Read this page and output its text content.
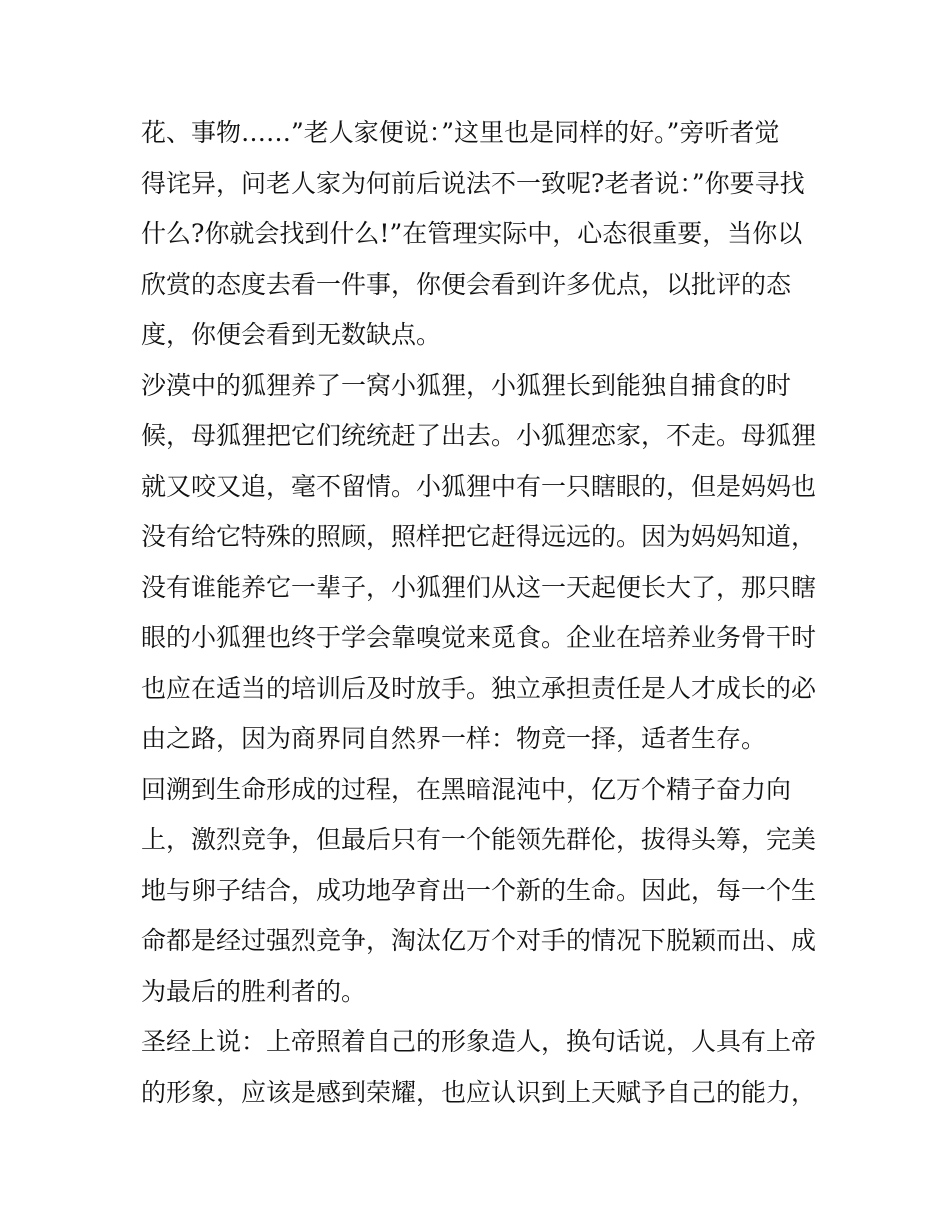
花、事物……”老人家便说：”这里也是同样的好。”旁听者觉
得诧异，问老人家为何前后说法不一致呢?老者说：”你要寻找
什么?你就会找到什么!”在管理实际中，心态很重要，当你以
欣赏的态度去看一件事，你便会看到许多优点，以批评的态
度，你便会看到无数缺点。
沙漠中的狐狸养了一窝小狐狸，小狐狸长到能独自捕食的时
候，母狐狸把它们统统赶了出去。小狐狸恋家，不走。母狐狸
就又咬又追，毫不留情。小狐狸中有一只瞎眼的，但是妈妈也
没有给它特殊的照顾，照样把它赶得远远的。因为妈妈知道，
没有谁能养它一辈子，小狐狸们从这一天起便长大了，那只瞎
眼的小狐狸也终于学会靠嗅觉来觅食。企业在培养业务骨干时
也应在适当的培训后及时放手。独立承担责任是人才成长的必
由之路，因为商界同自然界一样：物竞一择，适者生存。
回溯到生命形成的过程，在黑暗混沌中，亿万个精子奋力向
上，激烈竞争，但最后只有一个能领先群伦，拔得头筹，完美
地与卵子结合，成功地孕育出一个新的生命。因此，每一个生
命都是经过强烈竞争，淘汰亿万个对手的情况下脱颖而出、成
为最后的胜利者的。
圣经上说：上帝照着自己的形象造人，换句话说，人具有上帝
的形象，应该是感到荣耀，也应认识到上天赋予自己的能力，
